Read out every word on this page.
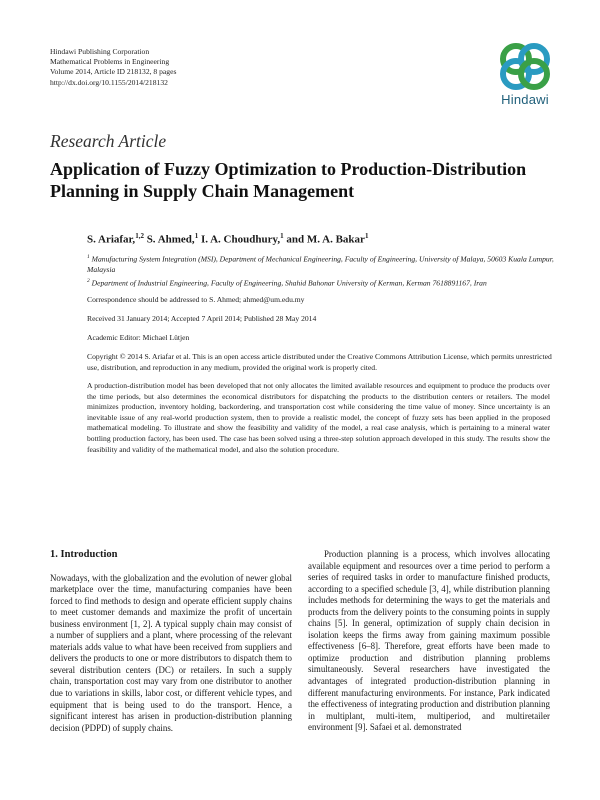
Hindawi Publishing Corporation
Mathematical Problems in Engineering
Volume 2014, Article ID 218132, 8 pages
http://dx.doi.org/10.1155/2014/218132
Hindawi
Research Article
Application of Fuzzy Optimization to Production-Distribution Planning in Supply Chain Management
S. Ariafar,$^{1,2}$ S. Ahmed,$^1$ I. A. Choudhury,$^1$ and M. A. Bakar$^1$
$^1$ Manufacturing System Integration (MSI), Department of Mechanical Engineering, Faculty of Engineering, University of Malaya, 50603 Kuala Lumpur, Malaysia
$^2$ Department of Industrial Engineering, Faculty of Engineering, Shahid Bahonar University of Kerman, Kerman 7618891167, Iran
Correspondence should be addressed to S. Ahmed; ahmed@um.edu.my
Received 31 January 2014; Accepted 7 April 2014; Published 28 May 2014
Academic Editor: Michael Lütjen
Copyright © 2014 S. Ariafar et al. This is an open access article distributed under the Creative Commons Attribution License, which permits unrestricted use, distribution, and reproduction in any medium, provided the original work is properly cited.
A production-distribution model has been developed that not only allocates the limited available resources and equipment to produce the products over the time periods, but also determines the economical distributors for dispatching the products to the distribution centers or retailers. The model minimizes production, inventory holding, backordering, and transportation cost while considering the time value of money. Since uncertainty is an inevitable issue of any real-world production system, then to provide a realistic model, the concept of fuzzy sets has been applied in the proposed mathematical modeling. To illustrate and show the feasibility and validity of the model, a real case analysis, which is pertaining to a mineral water bottling production factory, has been used. The case has been solved using a three-step solution approach developed in this study. The results show the feasibility and validity of the mathematical model, and also the solution procedure.
1. Introduction

Nowadays, with the globalization and the evolution of newer global marketplace over the time, manufacturing companies have been forced to find methods to design and operate efficient supply chains to meet customer demands and maximize the profit of uncertain business environment [1, 2]. A typical supply chain may consist of a number of suppliers and a plant, where processing of the relevant materials adds value to what have been received from suppliers and delivers the products to one or more distributors to dispatch them to several distribution centers (DC) or retailers. In such a supply chain, transportation cost may vary from one distributor to another due to variations in skills, labor cost, or different vehicle types, and equipment that is being used to do the transport. Hence, a significant interest has arisen in production-distribution planning decision (PDPD) of supply chains.

Production planning is a process, which involves allocating available equipment and resources over a time period to perform a series of required tasks in order to manufacture finished products, according to a specified schedule [3, 4], while distribution planning includes methods for determining the ways to get the materials and products from the delivery points to the consuming points in supply chains [5]. In general, optimization of supply chain decision in isolation keeps the firms away from gaining maximum possible effectiveness [6–8]. Therefore, great efforts have been made to optimize production and distribution planning problems simultaneously. Several researchers have investigated the advantages of integrated production-distribution planning in different manufacturing environments. For instance, Park indicated the effectiveness of integrating production and distribution planning in multiplant, multi-item, multiperiod, and multiretailer environment [9]. Safaei et al. demonstrated
